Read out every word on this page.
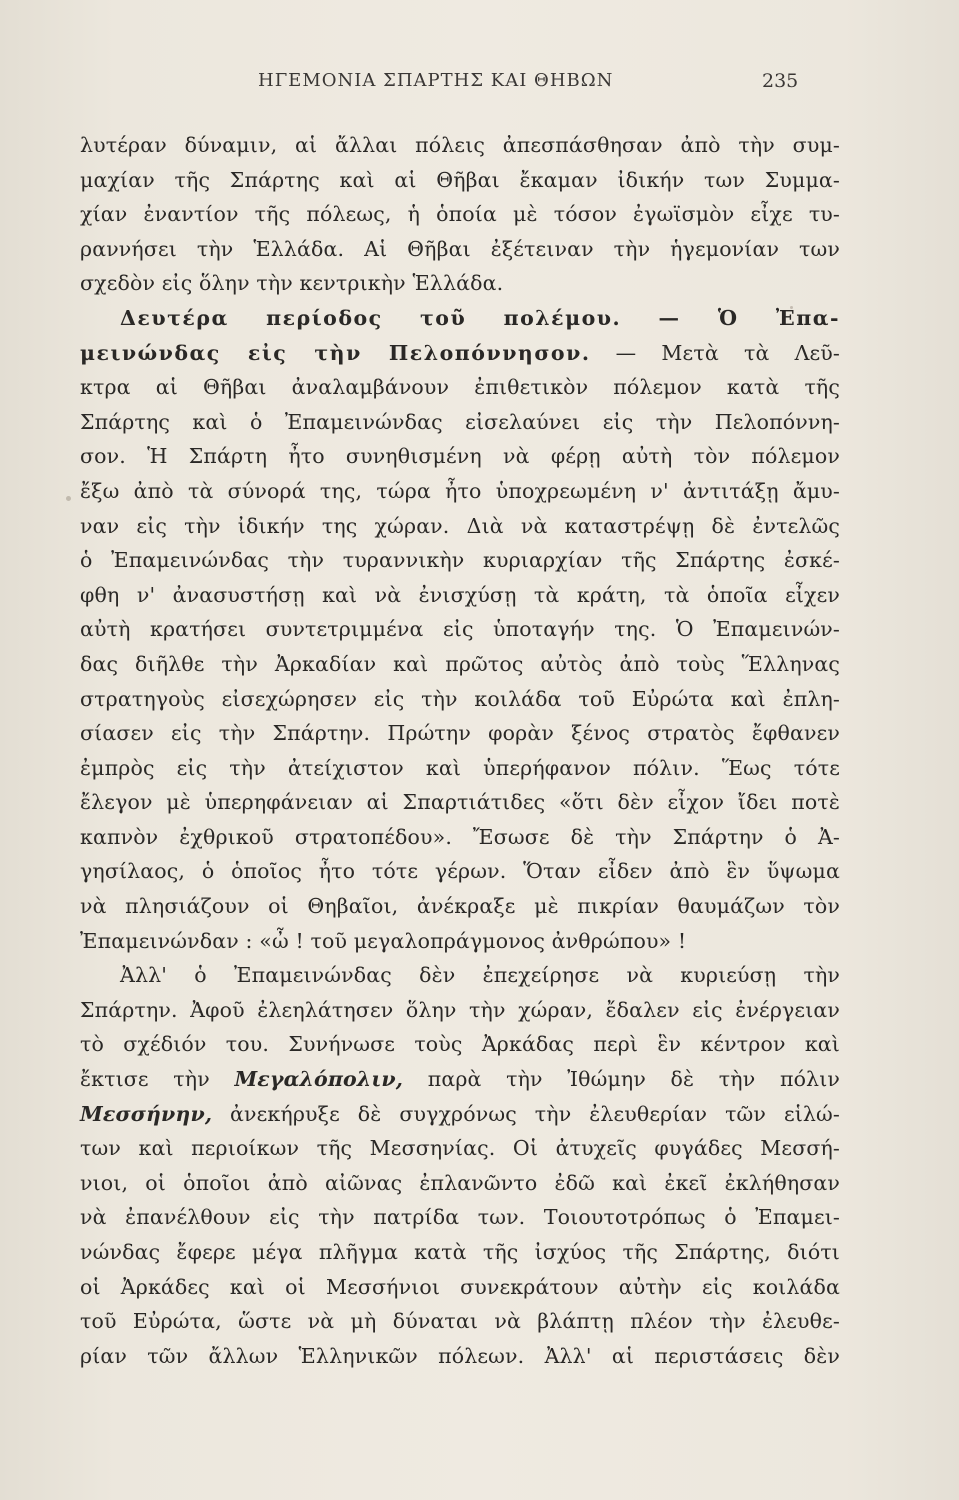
ΗΓΕΜΟΝΙΑ ΣΠΑΡΤΗΣ ΚΑΙ ΘΗΒΩΝ	235
λυτέραν δύναμιν, αἱ ἄλλαι πόλεις ἀπεσπάσθησαν ἀπὸ τὴν συμ-
μαχίαν τῆς Σπάρτης καὶ αἱ Θῆβαι ἔκαμαν ἰδικήν των Συμμα-
χίαν ἐναντίον τῆς πόλεως, ἡ ὁποία μὲ τόσον ἐγωϊσμὸν εἶχε τυ-
ραννήσει τὴν Ἑλλάδα. Αἱ Θῆβαι ἐξέτειναν τὴν ἡγεμονίαν των
σχεδὸν εἰς ὅλην τὴν κεντρικὴν Ἑλλάδα.
Δευτέρα περίοδος τοῦ πολέμου. — Ὁ Ἐπα-
μεινώνδας εἰς τὴν Πελοπόννησον. — Μετὰ τὰ Λεῦ-
κτρα αἱ Θῆβαι ἀναλαμβάνουν ἐπιθετικὸν πόλεμον κατὰ τῆς
Σπάρτης καὶ ὁ Ἐπαμεινώνδας εἰσελαύνει εἰς τὴν Πελοπόννη-
σον. Ἡ Σπάρτη ἦτο συνηθισμένη νὰ φέρῃ αὐτὴ τὸν πόλεμον
ἔξω ἀπὸ τὰ σύνορά της, τώρα ἦτο ὑποχρεωμένη ν' ἀντιτάξῃ ἄμυ-
ναν εἰς τὴν ἰδικήν της χώραν. Διὰ νὰ καταστρέψῃ δὲ ἐντελῶς
ὁ Ἐπαμεινώνδας τὴν τυραννικὴν κυριαρχίαν τῆς Σπάρτης ἐσκέ-
φθη ν' ἀνασυστήσῃ καὶ νὰ ἐνισχύσῃ τὰ κράτη, τὰ ὁποῖα εἶχεν
αὐτὴ κρατήσει συντετριμμένα εἰς ὑποταγήν της. Ὁ Ἐπαμεινών-
δας διῆλθε τὴν Ἀρκαδίαν καὶ πρῶτος αὐτὸς ἀπὸ τοὺς Ἕλληνας
στρατηγοὺς εἰσεχώρησεν εἰς τὴν κοιλάδα τοῦ Εὐρώτα καὶ ἐπλη-
σίασεν εἰς τὴν Σπάρτην. Πρώτην φορὰν ξένος στρατὸς ἔφθανεν
ἐμπρὸς εἰς τὴν ἀτείχιστον καὶ ὑπερήφανον πόλιν. Ἕως τότε
ἔλεγον μὲ ὑπερηφάνειαν αἱ Σπαρτιάτιδες «ὅτι δὲν εἶχον ἴδει ποτὲ
καπνὸν ἐχθρικοῦ στρατοπέδου». Ἔσωσε δὲ τὴν Σπάρτην ὁ Ἀ-
γησίλαος, ὁ ὁποῖος ἦτο τότε γέρων. Ὅταν εἶδεν ἀπὸ ἓν ὕψωμα
νὰ πλησιάζουν οἱ Θηβαῖοι, ἀνέκραξε μὲ πικρίαν θαυμάζων τὸν
Ἐπαμεινώνδαν : «ὦ ! τοῦ μεγαλοπράγμονος ἀνθρώπου» !
Ἀλλ' ὁ Ἐπαμεινώνδας δὲν ἐπεχείρησε νὰ κυριεύσῃ τὴν
Σπάρτην. Ἀφοῦ ἐλεηλάτησεν ὅλην τὴν χώραν, ἔδαλεν εἰς ἐνέργειαν
τὸ σχέδιόν του. Συνήνωσε τοὺς Ἀρκάδας περὶ ἓν κέντρον καὶ
ἔκτισε τὴν Μεγαλόπολιν, παρὰ τὴν Ἰθώμην δὲ τὴν πόλιν
Μεσσήνην, ἀνεκήρυξε δὲ συγχρόνως τὴν ἐλευθερίαν τῶν εἱλώ-
των καὶ περιοίκων τῆς Μεσσηνίας. Οἱ ἀτυχεῖς φυγάδες Μεσσή-
νιοι, οἱ ὁποῖοι ἀπὸ αἰῶνας ἐπλανῶντο ἐδῶ καὶ ἐκεῖ ἐκλήθησαν
νὰ ἐπανέλθουν εἰς τὴν πατρίδα των. Τοιουτοτρόπως ὁ Ἐπαμει-
νώνδας ἔφερε μέγα πλῆγμα κατὰ τῆς ἰσχύος τῆς Σπάρτης, διότι
οἱ Ἀρκάδες καὶ οἱ Μεσσήνιοι συνεκράτουν αὐτὴν εἰς κοιλάδα
τοῦ Εὐρώτα, ὥστε νὰ μὴ δύναται νὰ βλάπτῃ πλέον τὴν ἐλευθε-
ρίαν τῶν ἄλλων Ἑλληνικῶν πόλεων. Ἀλλ' αἱ περιστάσεις δὲν
